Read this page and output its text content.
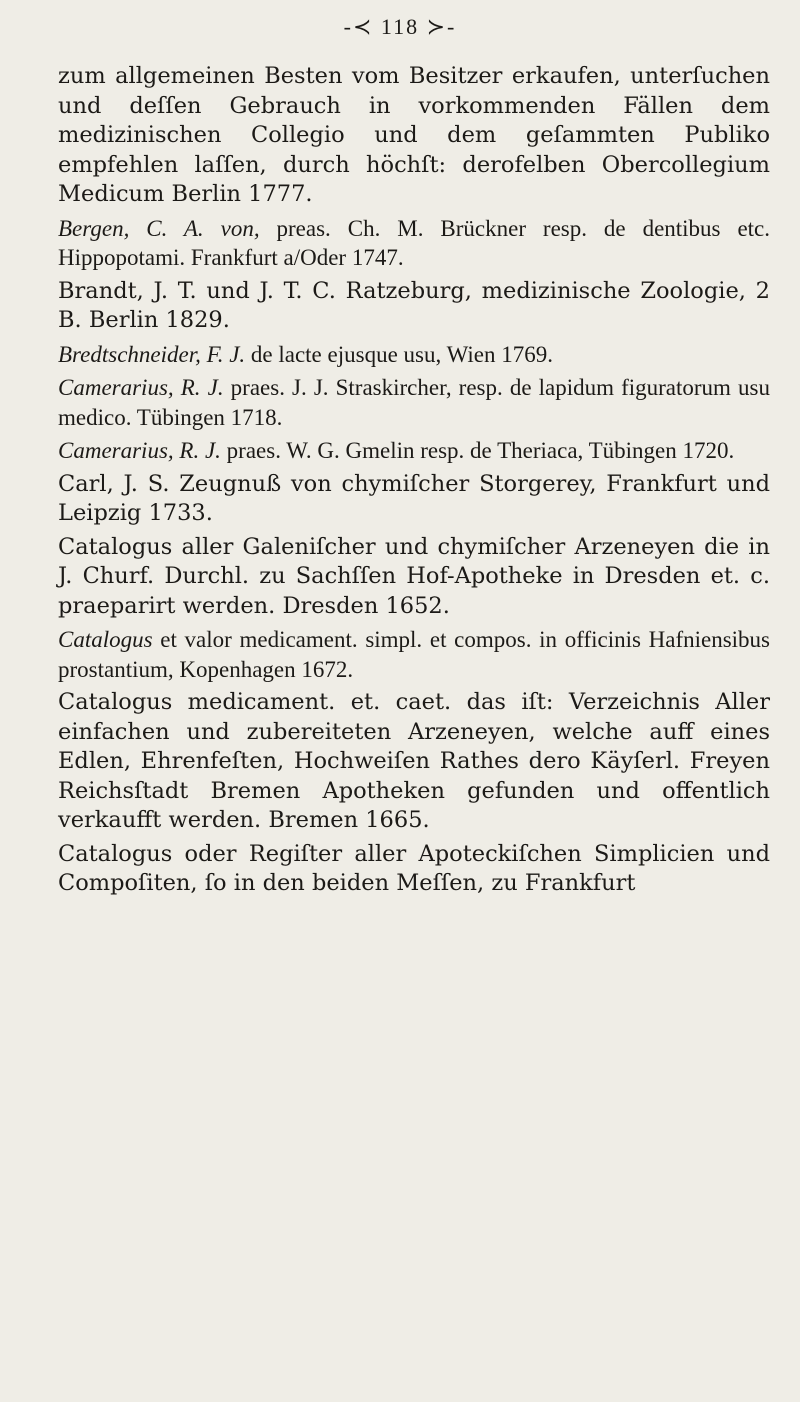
-≺ 118 ≻-

zum allgemeinen Besten vom Besitzer erkaufen, unterſuchen und deſſen Gebrauch in vorkommenden Fällen dem medizinischen Collegio und dem geſammten Publiko empfehlen laſſen, durch höchſt: derofelben Obercollegium Medicum Berlin 1777.

Bergen, C. A. von, preas. Ch. M. Brückner resp. de dentibus etc. Hippopotami. Frankfurt a/Oder 1747.

Brandt, J. T. und J. T. C. Ratzeburg, medizinische Zoologie, 2 B. Berlin 1829.

Bredtschneider, F. J. de lacte ejusque usu, Wien 1769.

Camerarius, R. J. praes. J. J. Straskircher, resp. de lapidum figuratorum usu medico. Tübingen 1718.

Camerarius, R. J. praes. W. G. Gmelin resp. de Theriaca, Tübingen 1720.

Carl, J. S. Zeugnuß von chymiſcher Storgerey, Frankfurt und Leipzig 1733.

Catalogus aller Galeniſcher und chymiſcher Arzeneyen die in J. Churf. Durchl. zu Sachſſen Hof-Apotheke in Dresden et. c. praeparirt werden. Dresden 1652.

Catalogus et valor medicament. simpl. et compos. in officinis Hafniensibus prostantium, Kopenhagen 1672.

Catalogus medicament. et. caet. das iſt: Verzeichnis Aller einfachen und zubereiteten Arzeneyen, welche auff eines Edlen, Ehrenfeſten, Hochweiſen Rathes dero Käyſerl. Freyen Reichsſtadt Bremen Apotheken gefunden und offentlich verkaufft werden. Bremen 1665.

Catalogus oder Regiſter aller Apoteckiſchen Simplicien und Compoſiten, ſo in den beiden Meſſen, zu Frankfurt
